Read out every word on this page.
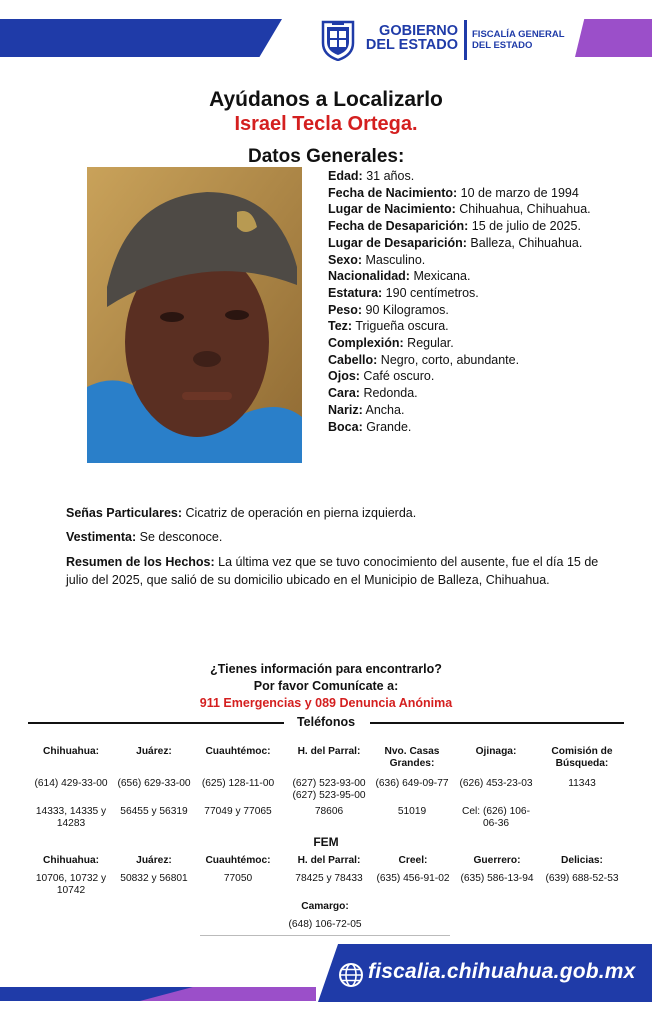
GOBIERNO
DEL ESTADO
FISCALÍA GENERAL
DEL ESTADO
Ayúdanos a Localizarlo
Israel Tecla Ortega.
Datos Generales:
Edad: 31 años.
Fecha de Nacimiento: 10 de marzo de 1994
Lugar de Nacimiento: Chihuahua, Chihuahua.
Fecha de Desaparición: 15 de julio de 2025.
Lugar de Desaparición: Balleza, Chihuahua.
Sexo: Masculino.
Nacionalidad: Mexicana.
Estatura: 190 centímetros.
Peso: 90 Kilogramos.
Tez: Trigueña oscura.
Complexión: Regular.
Cabello: Negro, corto, abundante.
Ojos: Café oscuro.
Cara: Redonda.
Nariz: Ancha.
Boca: Grande.
Señas Particulares: Cicatriz de operación en pierna izquierda.
Vestimenta: Se desconoce.
Resumen de los Hechos: La última vez que se tuvo conocimiento del ausente, fue el día 15 de julio del 2025, que salió de su domicilio ubicado en el Municipio de Balleza, Chihuahua.
¿Tienes información para encontrarlo?
Por favor Comunícate a:
911 Emergencias y 089 Denuncia Anónima
Teléfonos
Chihuahua:
(614) 429-33-00
14333, 14335 y 14283
Juárez:
(656) 629-33-00
56455 y 56319
Cuauhtémoc:
(625) 128-11-00
77049 y 77065
H. del Parral:
(627) 523-93-00 (627) 523-95-00
78606
Nvo. Casas Grandes:
(636) 649-09-77
51019
Ojinaga:
(626) 453-23-03
Cel: (626) 106-06-36
Comisión de Búsqueda:
11343
FEM
Chihuahua:
10706, 10732 y 10742
Juárez:
50832 y 56801
Cuauhtémoc:
77050
H. del Parral:
78425 y 78433
Creel:
(635) 456-91-02
Guerrero:
(635) 586-13-94
Delicias:
(639) 688-52-53
Camargo:
(648) 106-72-05
fiscalia.chihuahua.gob.mx
